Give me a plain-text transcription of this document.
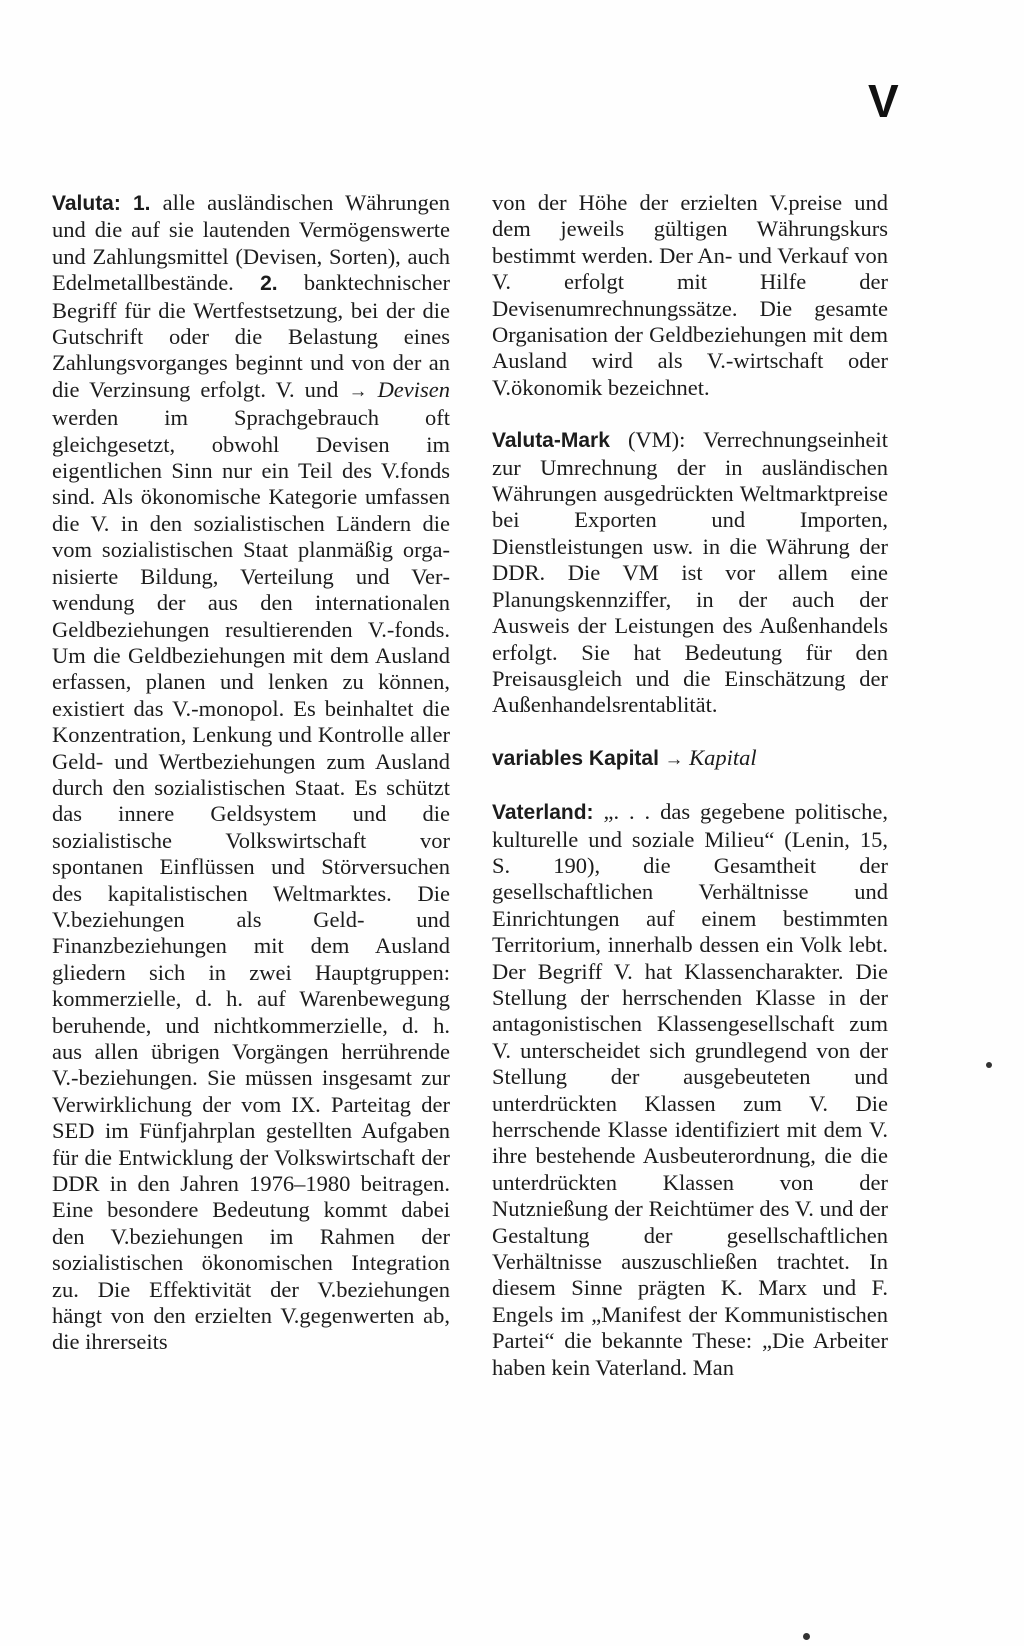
V

Valuta: 1. alle ausländischen Währungen und die auf sie lautenden Vermögenswerte und Zahlungsmittel (Devisen, Sorten), auch Edelmetallbestände. 2. banktechnischer Begriff für die Wertfestsetzung, bei der die Gutschrift oder die Belastung eines Zahlungsvorganges beginnt und von der an die Verzinsung erfolgt. V. und → Devisen werden im Sprachgebrauch oft gleichgesetzt, obwohl Devisen im eigentlichen Sinn nur ein Teil des V.fonds sind. Als ökonomische Kategorie umfassen die V. in den sozialistischen Ländern die vom sozialistischen Staat planmäßig organisierte Bildung, Verteilung und Verwendung der aus den internationalen Geldbeziehungen resultierenden V.-fonds. Um die Geldbeziehungen mit dem Ausland erfassen, planen und lenken zu können, existiert das V.-monopol. Es beinhaltet die Konzentration, Lenkung und Kontrolle aller Geld- und Wertbeziehungen zum Ausland durch den sozialistischen Staat. Es schützt das innere Geldsystem und die sozialistische Volkswirtschaft vor spontanen Einflüssen und Störversuchen des kapitalistischen Weltmarktes. Die V.beziehungen als Geld- und Finanzbeziehungen mit dem Ausland gliedern sich in zwei Hauptgruppen: kommerzielle, d. h. auf Warenbewegung beruhende, und nichtkommerzielle, d. h. aus allen übrigen Vorgängen herrührende V.-beziehungen. Sie müssen insgesamt zur Verwirklichung der vom IX. Parteitag der SED im Fünfjahrplan gestellten Aufgaben für die Entwicklung der Volkswirtschaft der DDR in den Jahren 1976–1980 beitragen. Eine besondere Bedeutung kommt dabei den V.beziehungen im Rahmen der sozialistischen ökonomischen Integration zu. Die Effektivität der V.beziehungen hängt von den erzielten V.gegenwerten ab, die ihrerseits

von der Höhe der erzielten V.preise und dem jeweils gültigen Währungskurs bestimmt werden. Der An- und Verkauf von V. erfolgt mit Hilfe der Devisenumrechnungssätze. Die gesamte Organisation der Geldbeziehungen mit dem Ausland wird als V.-wirtschaft oder V.ökonomik bezeichnet.

Valuta-Mark (VM): Verrechnungseinheit zur Umrechnung der in ausländischen Währungen ausgedrückten Weltmarktpreise bei Exporten und Importen, Dienstleistungen usw. in die Währung der DDR. Die VM ist vor allem eine Planungskennziffer, in der auch der Ausweis der Leistungen des Außenhandels erfolgt. Sie hat Bedeutung für den Preisausgleich und die Einschätzung der Außenhandelsrentablität.

variables Kapital → Kapital

Vaterland: „. . . das gegebene politische, kulturelle und soziale Milieu“ (Lenin, 15, S. 190), die Gesamtheit der gesellschaftlichen Verhältnisse und Einrichtungen auf einem bestimmten Territorium, innerhalb dessen ein Volk lebt. Der Begriff V. hat Klassencharakter. Die Stellung der herrschenden Klasse in der antagonistischen Klassengesellschaft zum V. unterscheidet sich grundlegend von der Stellung der ausgebeuteten und unterdrückten Klassen zum V. Die herrschende Klasse identifiziert mit dem V. ihre bestehende Ausbeuterordnung, die die unterdrückten Klassen von der Nutznießung der Reichtümer des V. und der Gestaltung der gesellschaftlichen Verhältnisse auszuschließen trachtet. In diesem Sinne prägten K. Marx und F. Engels im „Manifest der Kommunistischen Partei“ die bekannte These: „Die Arbeiter haben kein Vaterland. Man
